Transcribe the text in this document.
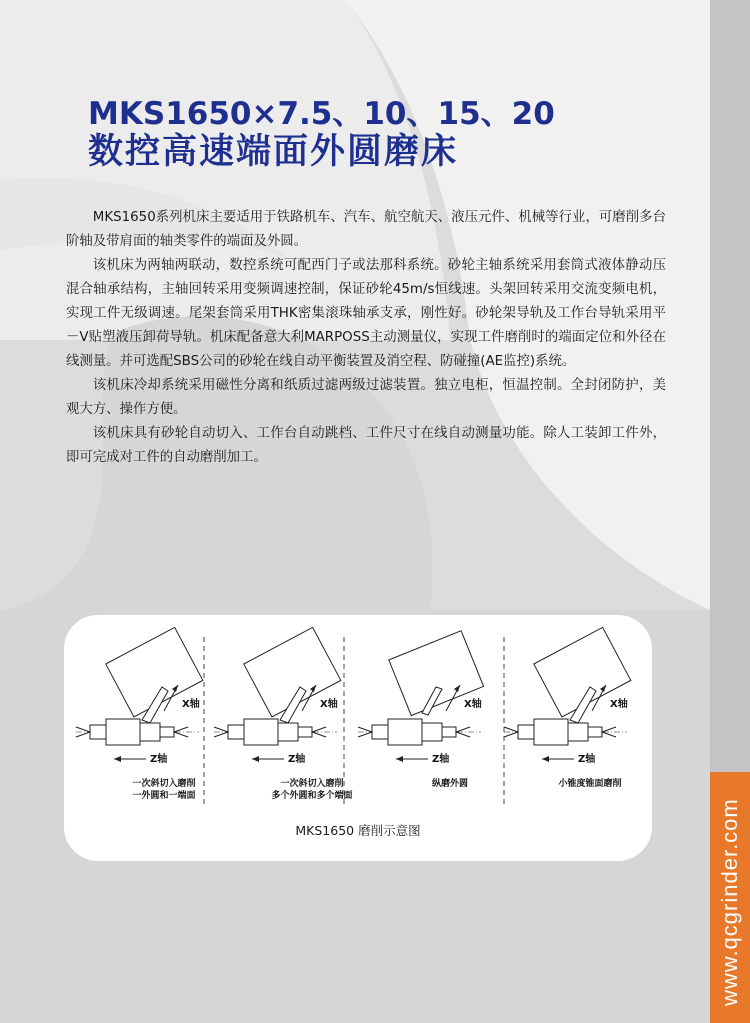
www.qcgrinder.com
MKS1650×7.5、10、15、20
数控高速端面外圆磨床

MKS1650系列机床主要适用于铁路机车、汽车、航空航天、液压元件、机械等行业，可磨削多台阶轴及带肩面的轴类零件的端面及外圆。

该机床为两轴两联动，数控系统可配西门子或法那科系统。砂轮主轴系统采用套筒式液体静动压混合轴承结构，主轴回转采用变频调速控制，保证砂轮45m/s恒线速。头架回转采用交流变频电机，实现工件无级调速。尾架套筒采用THK密集滚珠轴承支承，刚性好。砂轮架导轨及工作台导轨采用平－V贴塑液压卸荷导轨。机床配备意大利MARPOSS主动测量仪，实现工件磨削时的端面定位和外径在线测量。并可选配SBS公司的砂轮在线自动平衡装置及消空程、防碰撞(AE监控)系统。

该机床冷却系统采用磁性分离和纸质过滤两级过滤装置。独立电柜，恒温控制。全封闭防护，美观大方、操作方便。

该机床具有砂轮自动切入、工作台自动跳档、工件尺寸在线自动测量功能。除人工装卸工件外，即可完成对工件的自动磨削加工。

X轴
Z轴
X轴
Z轴
X轴
Z轴
X轴
Z轴
一次斜切入磨削
一外圆和一端面
一次斜切入磨削
多个外圆和多个端面
纵磨外圆	小锥度锥面磨削
MKS1650 磨削示意图
